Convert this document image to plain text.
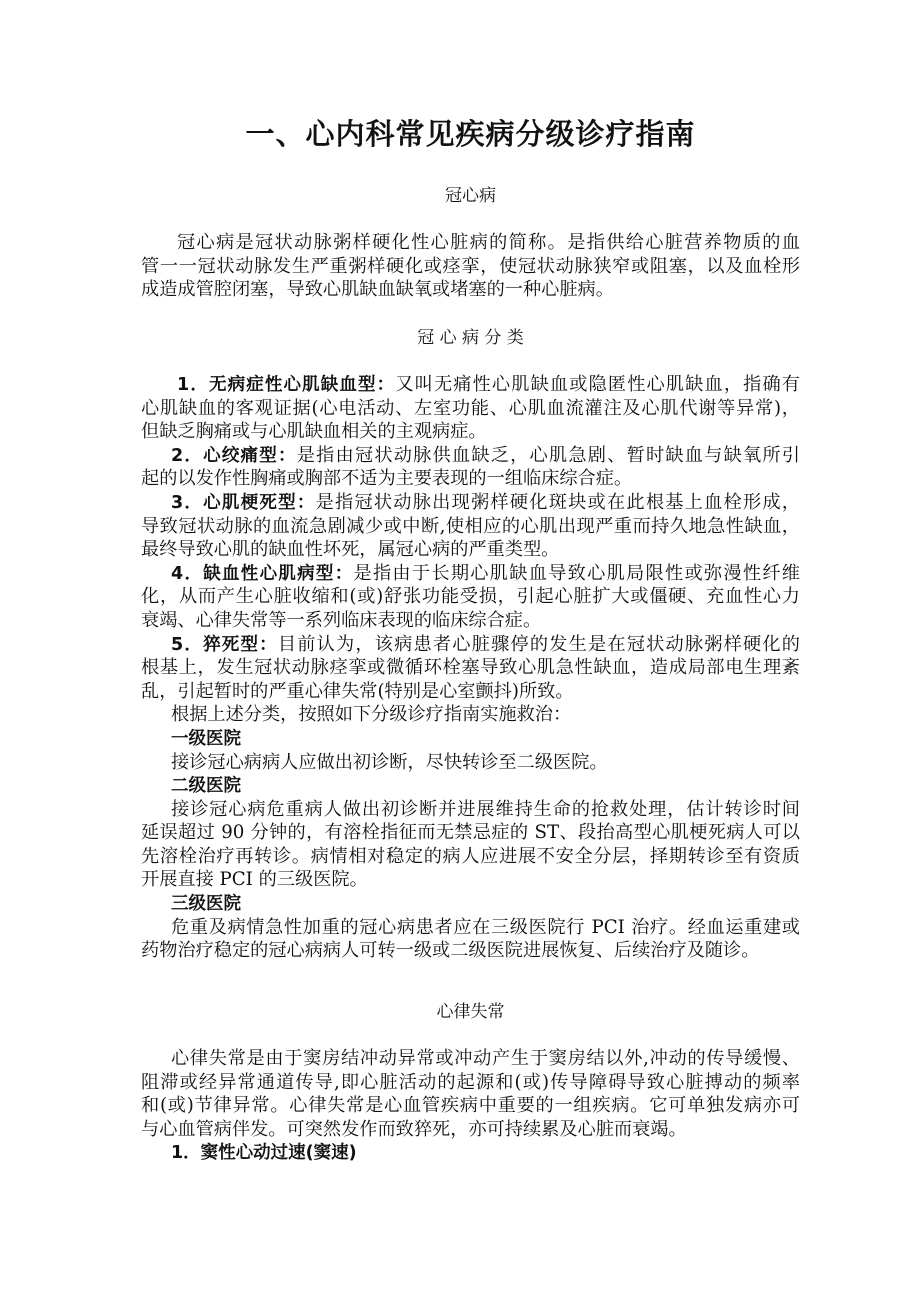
一、心内科常见疾病分级诊疗指南
冠心病
冠心病是冠状动脉粥样硬化性心脏病的简称。是指供给心脏营养物质的血
管一一冠状动脉发生严重粥样硬化或痉挛，使冠状动脉狭窄或阻塞，以及血栓形
成造成管腔闭塞，导致心肌缺血缺氧或堵塞的一种心脏病。
冠 心 病 分 类
1．无病症性心肌缺血型：又叫无痛性心肌缺血或隐匿性心肌缺血，指确有
心肌缺血的客观证据(心电活动、左室功能、心肌血流灌注及心肌代谢等异常)，
但缺乏胸痛或与心肌缺血相关的主观病症。
2．心绞痛型：是指由冠状动脉供血缺乏，心肌急剧、暂时缺血与缺氧所引
起的以发作性胸痛或胸部不适为主要表现的一组临床综合症。
3．心肌梗死型：是指冠状动脉出现粥样硬化斑块或在此根基上血栓形成，
导致冠状动脉的血流急剧减少或中断,使相应的心肌出现严重而持久地急性缺血，
最终导致心肌的缺血性坏死，属冠心病的严重类型。
4．缺血性心肌病型：是指由于长期心肌缺血导致心肌局限性或弥漫性纤维
化，从而产生心脏收缩和(或)舒张功能受损，引起心脏扩大或僵硬、充血性心力
衰竭、心律失常等一系列临床表现的临床综合症。
5．猝死型：目前认为，该病患者心脏骤停的发生是在冠状动脉粥样硬化的
根基上，发生冠状动脉痉挛或微循环栓塞导致心肌急性缺血，造成局部电生理紊
乱，引起暂时的严重心律失常(特别是心室颤抖)所致。
根据上述分类，按照如下分级诊疗指南实施救治：
一级医院
接诊冠心病病人应做出初诊断，尽快转诊至二级医院。
二级医院
接诊冠心病危重病人做出初诊断并进展维持生命的抢救处理，估计转诊时间
延误超过 90 分钟的，有溶栓指征而无禁忌症的 ST、段抬高型心肌梗死病人可以
先溶栓治疗再转诊。病情相对稳定的病人应进展不安全分层，择期转诊至有资质
开展直接 PCI 的三级医院。
三级医院
危重及病情急性加重的冠心病患者应在三级医院行 PCI 治疗。经血运重建或
药物治疗稳定的冠心病病人可转一级或二级医院进展恢复、后续治疗及随诊。
心律失常
心律失常是由于窦房结冲动异常或冲动产生于窦房结以外,冲动的传导缓慢、
阻滞或经异常通道传导,即心脏活动的起源和(或)传导障碍导致心脏搏动的频率
和(或)节律异常。心律失常是心血管疾病中重要的一组疾病。它可单独发病亦可
与心血管病伴发。可突然发作而致猝死，亦可持续累及心脏而衰竭。
1．窦性心动过速(窦速)
